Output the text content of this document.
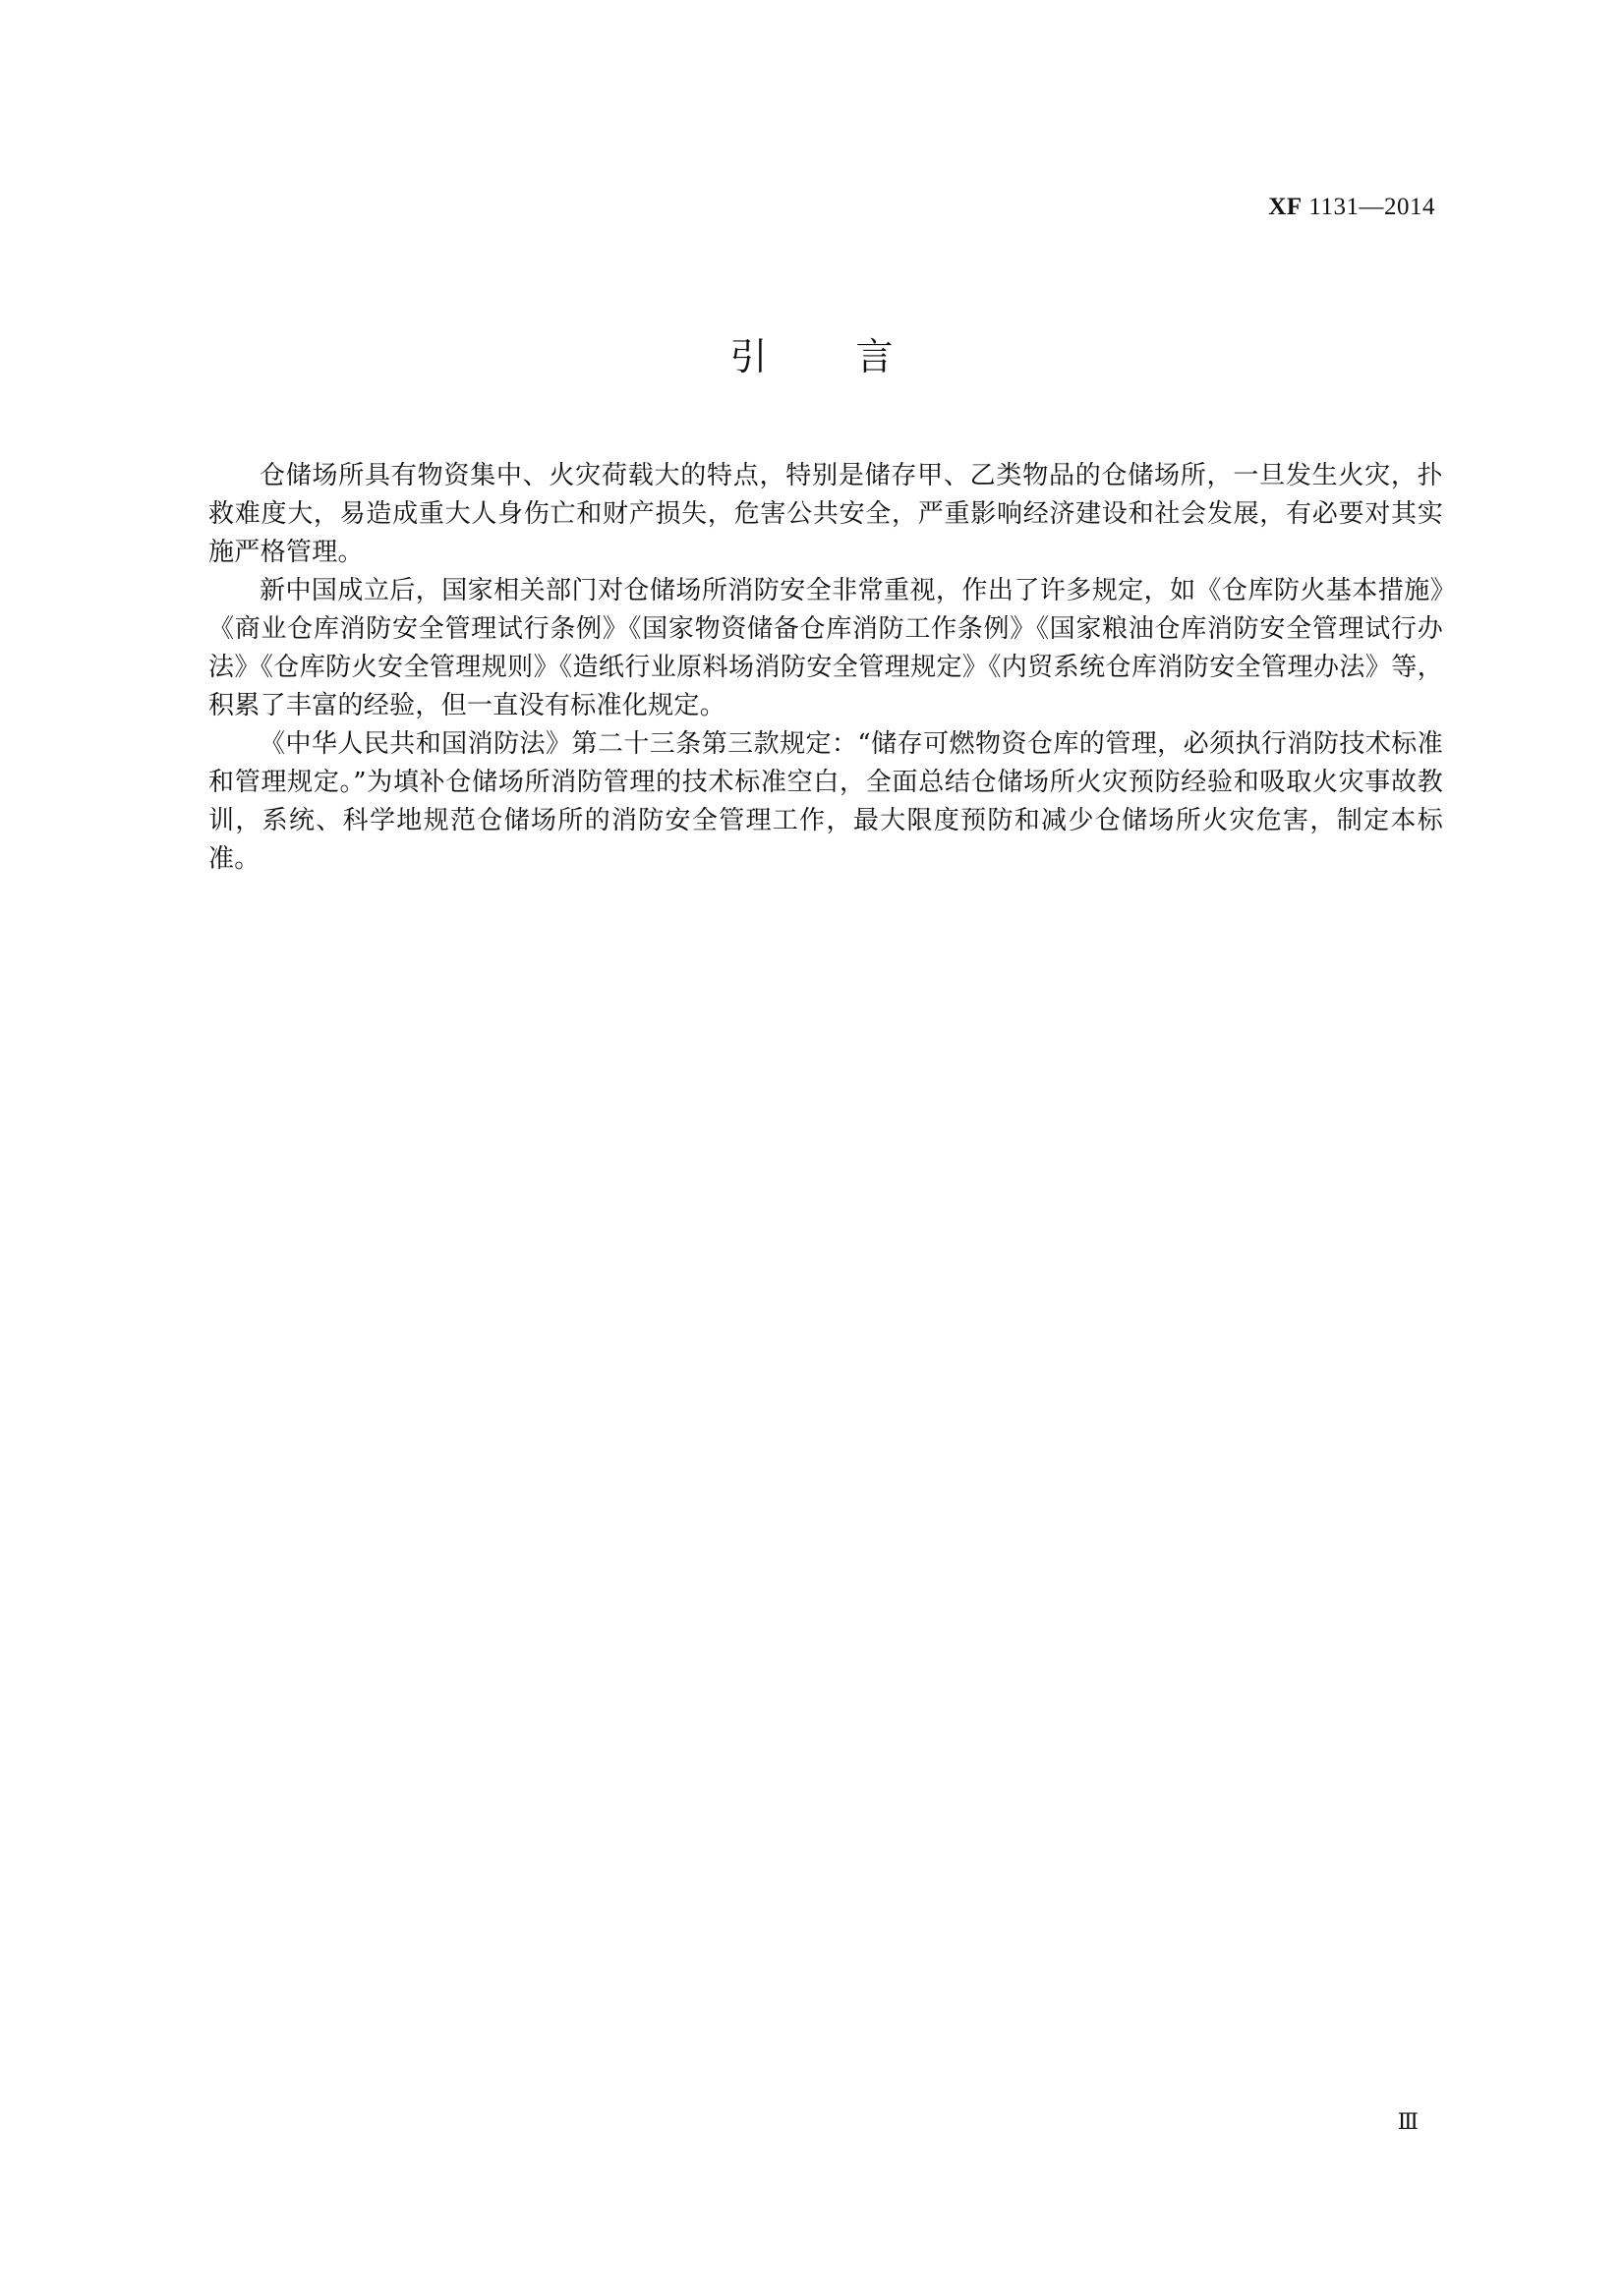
XF 1131—2014
引言

仓储场所具有物资集中、火灾荷载大的特点，特别是储存甲、乙类物品的仓储场所，一旦发生火灾，扑救难度大，易造成重大人身伤亡和财产损失，危害公共安全，严重影响经济建设和社会发展，有必要对其实施严格管理。

新中国成立后，国家相关部门对仓储场所消防安全非常重视，作出了许多规定，如《仓库防火基本措施》《商业仓库消防安全管理试行条例》《国家物资储备仓库消防工作条例》《国家粮油仓库消防安全管理试行办法》《仓库防火安全管理规则》《造纸行业原料场消防安全管理规定》《内贸系统仓库消防安全管理办法》等，积累了丰富的经验，但一直没有标准化规定。

《中华人民共和国消防法》第二十三条第三款规定：“储存可燃物资仓库的管理，必须执行消防技术标准和管理规定。”为填补仓储场所消防管理的技术标准空白，全面总结仓储场所火灾预防经验和吸取火灾事故教训，系统、科学地规范仓储场所的消防安全管理工作，最大限度预防和减少仓储场所火灾危害，制定本标准。

Ⅲ
